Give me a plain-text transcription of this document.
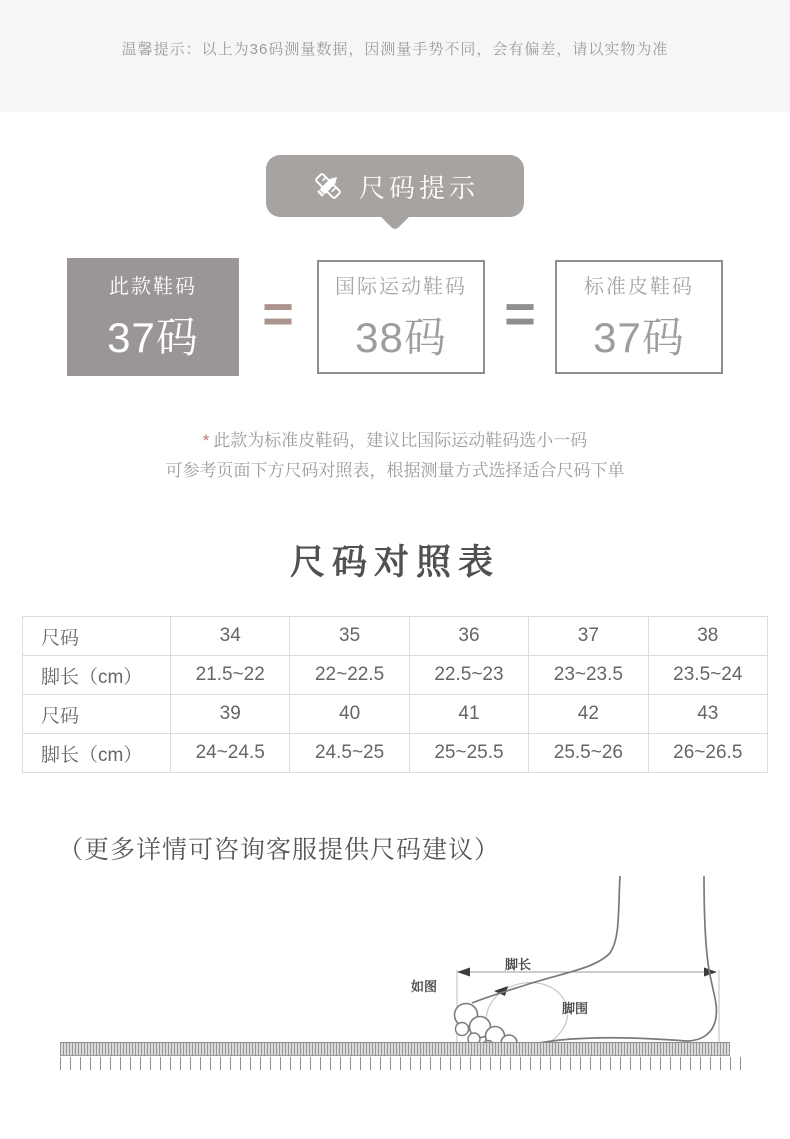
温馨提示：以上为36码测量数据，因测量手势不同，会有偏差，请以实物为准
尺码提示
此款鞋码
37码	=	国际运动鞋码
38码	=	标准皮鞋码
37码
* 此款为标准皮鞋码，建议比国际运动鞋码选小一码
可参考页面下方尺码对照表，根据测量方式选择适合尺码下单
尺码对照表
尺码	34	35	36	37	38
脚长（cm）	21.5~22	22~22.5	22.5~23	23~23.5	23.5~24
尺码	39	40	41	42	43
脚长（cm）	24~24.5	24.5~25	25~25.5	25.5~26	26~26.5
（更多详情可咨询客服提供尺码建议）
脚长
如图
脚围
